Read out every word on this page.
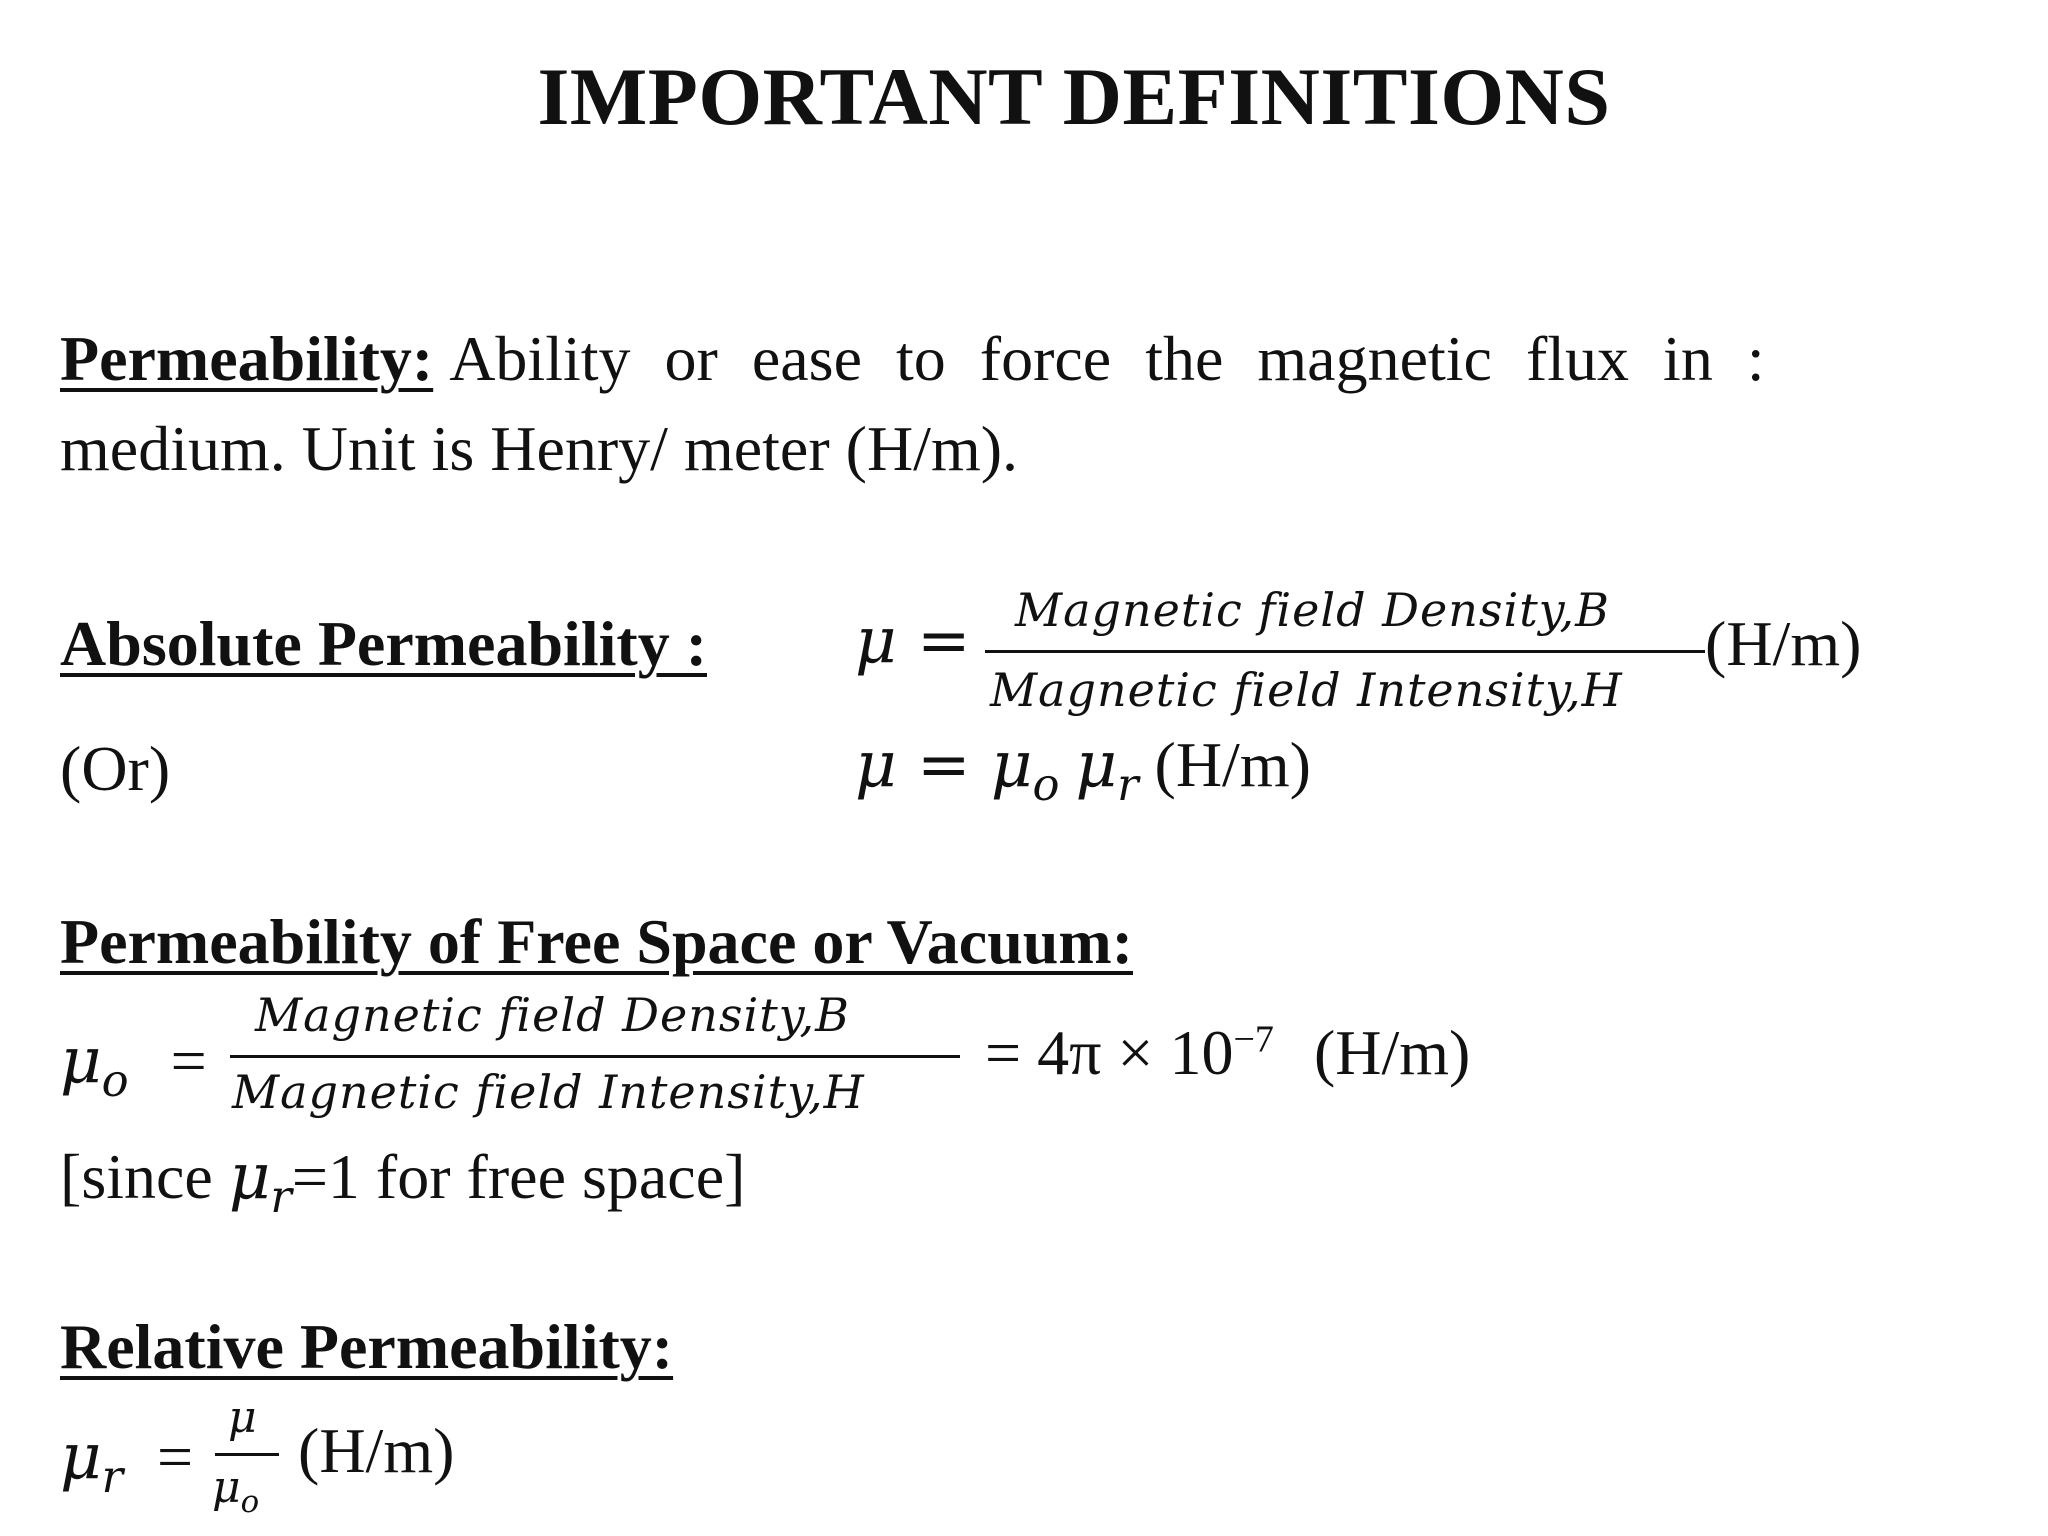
IMPORTANT DEFINITIONS
Permeability: Ability or ease to force the magnetic flux in :
medium. Unit is Henry/ meter (H/m).
Absolute Permeability : μ = Magnetic field Density,B
Magnetic field Intensity,H
(H/m)
(Or)	$\mu = \mu_o$ $\mu_r$ (H/m)
Permeability of Free Space or Vacuum:
$\mu_o$ =
Magnetic field Density,B
Magnetic field Intensity,H
= $4\pi \times 10^{-7}$ (H/m)
[since $\mu_r=1$ for free space]
Relative Permeability:
$\mu_r$ =
μ
$\mu_o$
(H/m)
